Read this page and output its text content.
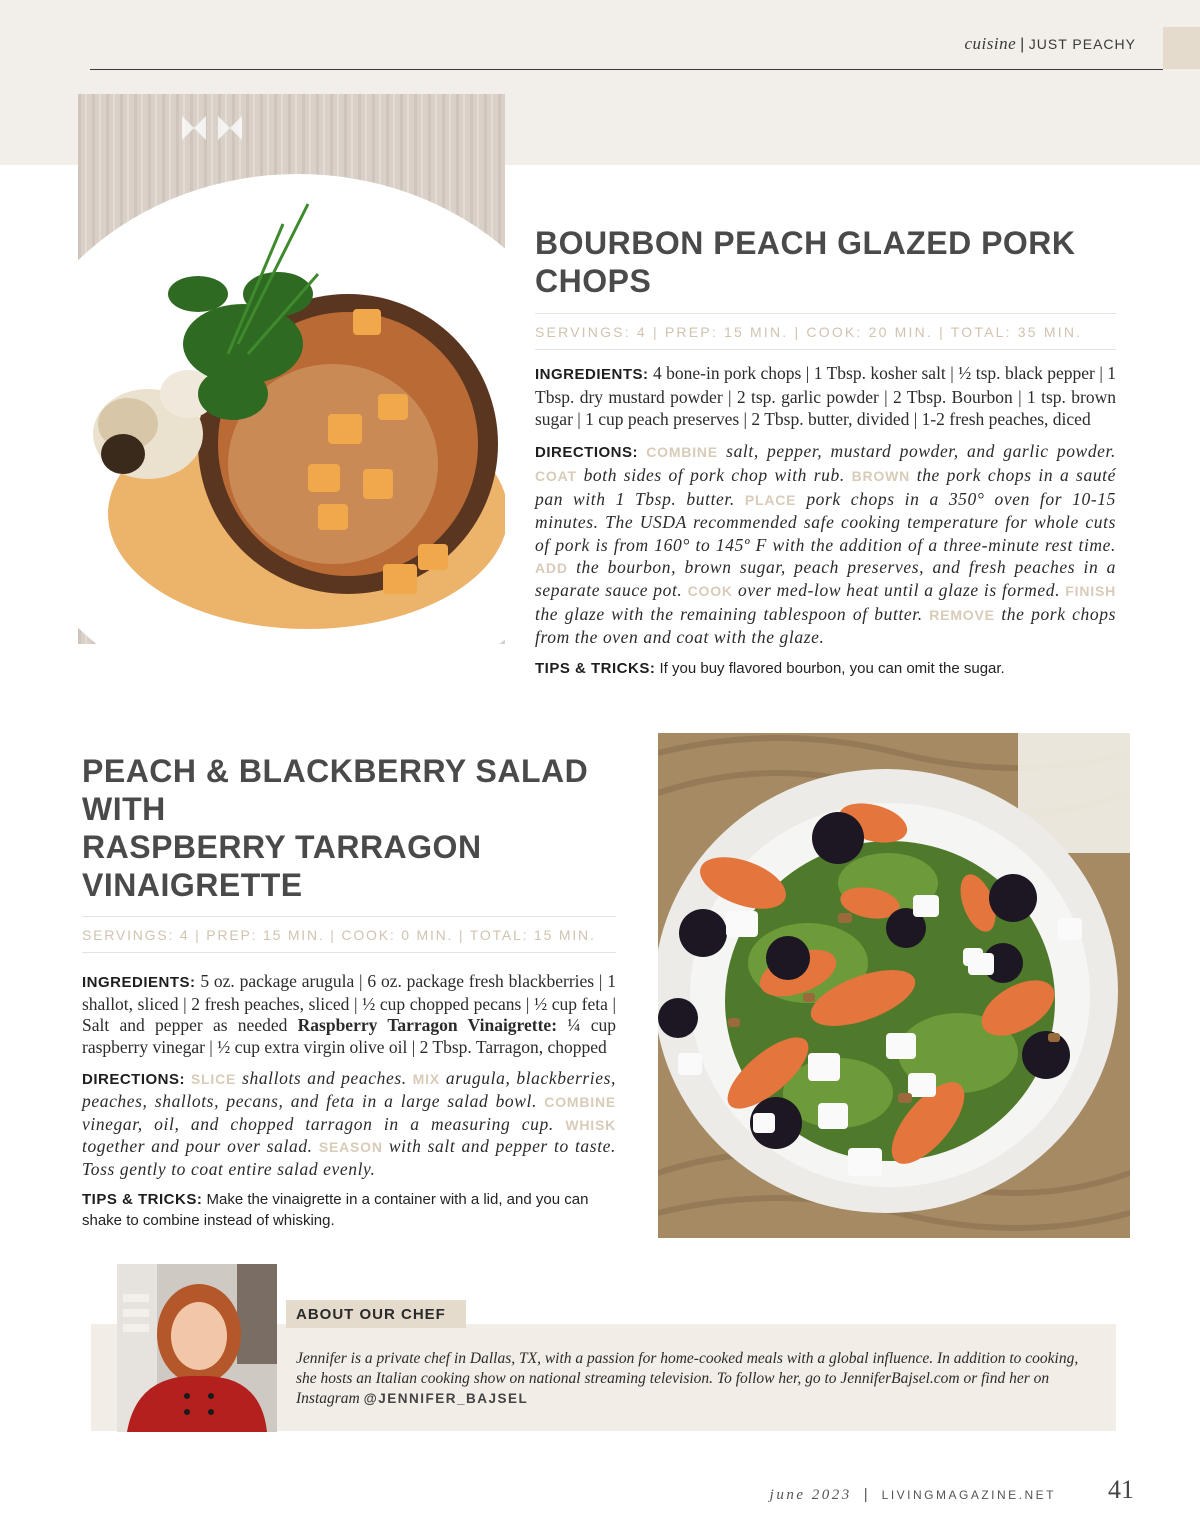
cuisine | JUST PEACHY
BOURBON PEACH GLAZED PORK CHOPS
SERVINGS: 4 | PREP: 15 MIN. | COOK: 20 MIN. | TOTAL: 35 MIN.

INGREDIENTS: 4 bone-in pork chops | 1 Tbsp. kosher salt | ½ tsp. black pepper | 1 Tbsp. dry mustard powder | 2 tsp. garlic powder | 2 Tbsp. Bourbon | 1 tsp. brown sugar | 1 cup peach preserves | 2 Tbsp. butter, divided | 1-2 fresh peaches, diced

DIRECTIONS: COMBINE salt, pepper, mustard powder, and garlic powder. COAT both sides of pork chop with rub. BROWN the pork chops in a sauté pan with 1 Tbsp. butter. PLACE pork chops in a 350° oven for 10-15 minutes. The USDA recommended safe cooking temperature for whole cuts of pork is from 160° to 145º F with the addition of a three-minute rest time. ADD the bourbon, brown sugar, peach preserves, and fresh peaches in a separate sauce pot. COOK over med-low heat until a glaze is formed. FINISH the glaze with the remaining tablespoon of butter. REMOVE the pork chops from the oven and coat with the glaze.

TIPS & TRICKS: If you buy flavored bourbon, you can omit the sugar.

PEACH & BLACKBERRY SALAD WITH
RASPBERRY TARRAGON VINAIGRETTE
SERVINGS: 4 | PREP: 15 MIN. | COOK: 0 MIN. | TOTAL: 15 MIN.

INGREDIENTS: 5 oz. package arugula | 6 oz. package fresh blackberries | 1 shallot, sliced | 2 fresh peaches, sliced | ½ cup chopped pecans | ½ cup feta | Salt and pepper as needed Raspberry Tarragon Vinaigrette: ¼ cup raspberry vinegar | ½ cup extra virgin olive oil | 2 Tbsp. Tarragon, chopped

DIRECTIONS: SLICE shallots and peaches. MIX arugula, blackberries, peaches, shallots, pecans, and feta in a large salad bowl. COMBINE vinegar, oil, and chopped tarragon in a measuring cup. WHISK together and pour over salad. SEASON with salt and pepper to taste. Toss gently to coat entire salad evenly.

TIPS & TRICKS: Make the vinaigrette in a container with a lid, and you can shake to combine instead of whisking.

ABOUT OUR CHEF

Jennifer is a private chef in Dallas, TX, with a passion for home-cooked meals with a global influence. In addition to cooking, she hosts an Italian cooking show on national streaming television. To follow her, go to JenniferBajsel.com or find her on Instagram @JENNIFER_BAJSEL

june 2023 | LIVINGMAGAZINE.NET 41
